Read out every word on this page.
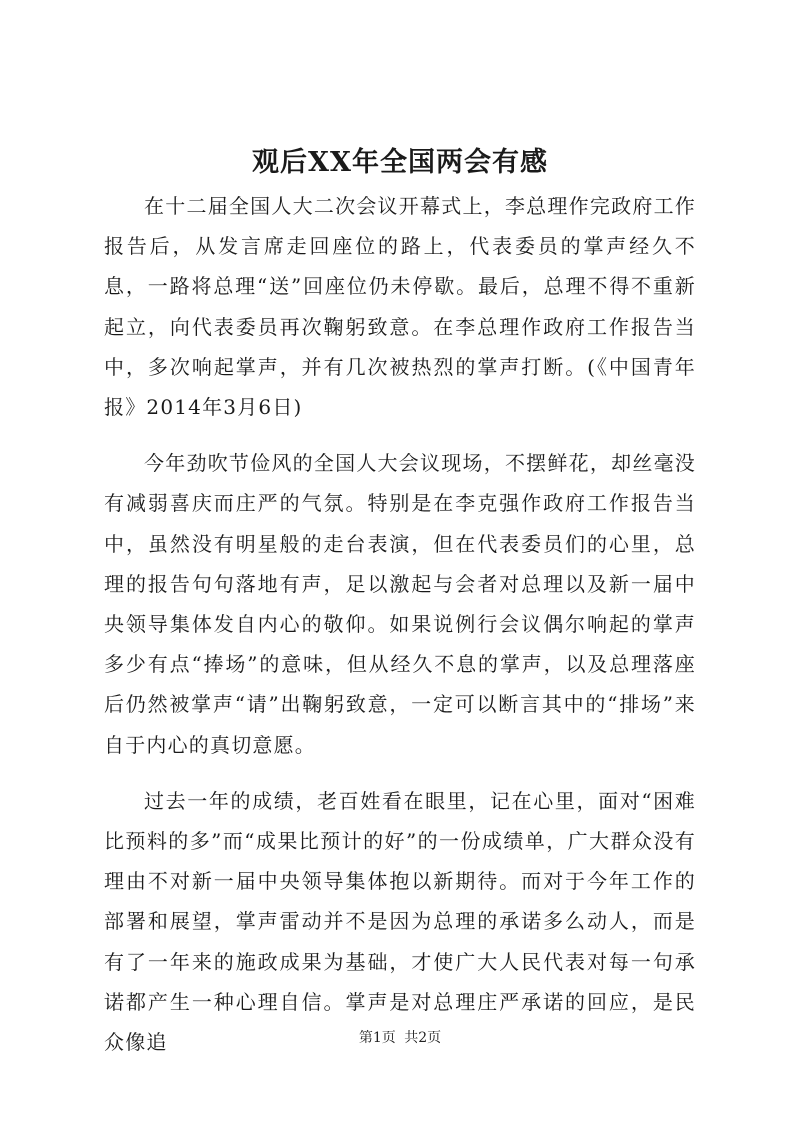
观后XX年全国两会有感

在十二届全国人大二次会议开幕式上，李总理作完政府工作报告后，从发言席走回座位的路上，代表委员的掌声经久不息，一路将总理“送”回座位仍未停歇。最后，总理不得不重新起立，向代表委员再次鞠躬致意。在李总理作政府工作报告当中，多次响起掌声，并有几次被热烈的掌声打断。(《中国青年报》2014年3月6日)

今年劲吹节俭风的全国人大会议现场，不摆鲜花，却丝毫没有减弱喜庆而庄严的气氛。特别是在李克强作政府工作报告当中，虽然没有明星般的走台表演，但在代表委员们的心里，总理的报告句句落地有声，足以激起与会者对总理以及新一届中央领导集体发自内心的敬仰。如果说例行会议偶尔响起的掌声多少有点“捧场”的意味，但从经久不息的掌声，以及总理落座后仍然被掌声“请”出鞠躬致意，一定可以断言其中的“排场”来自于内心的真切意愿。

过去一年的成绩，老百姓看在眼里，记在心里，面对“困难比预料的多”而“成果比预计的好”的一份成绩单，广大群众没有理由不对新一届中央领导集体抱以新期待。而对于今年工作的部署和展望，掌声雷动并不是因为总理的承诺多么动人，而是有了一年来的施政成果为基础，才使广大人民代表对每一句承诺都产生一种心理自信。掌声是对总理庄严承诺的回应，是民众像追	第1页 共2页
